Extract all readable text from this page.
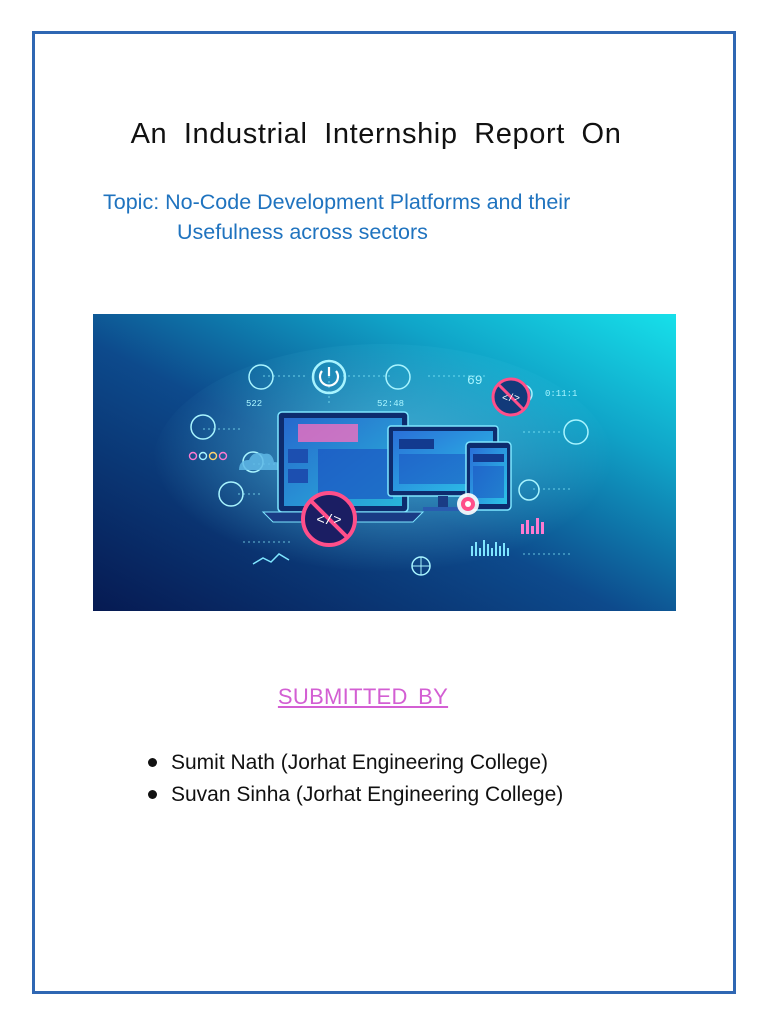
An Industrial Internship Report On

Topic: No-Code Development Platforms and their

Usefulness across sectors

522
69
0:11:1
52:48
</>
</>

SUBMITTED BY

Sumit Nath (Jorhat Engineering College)
Suvan Sinha (Jorhat Engineering College)
